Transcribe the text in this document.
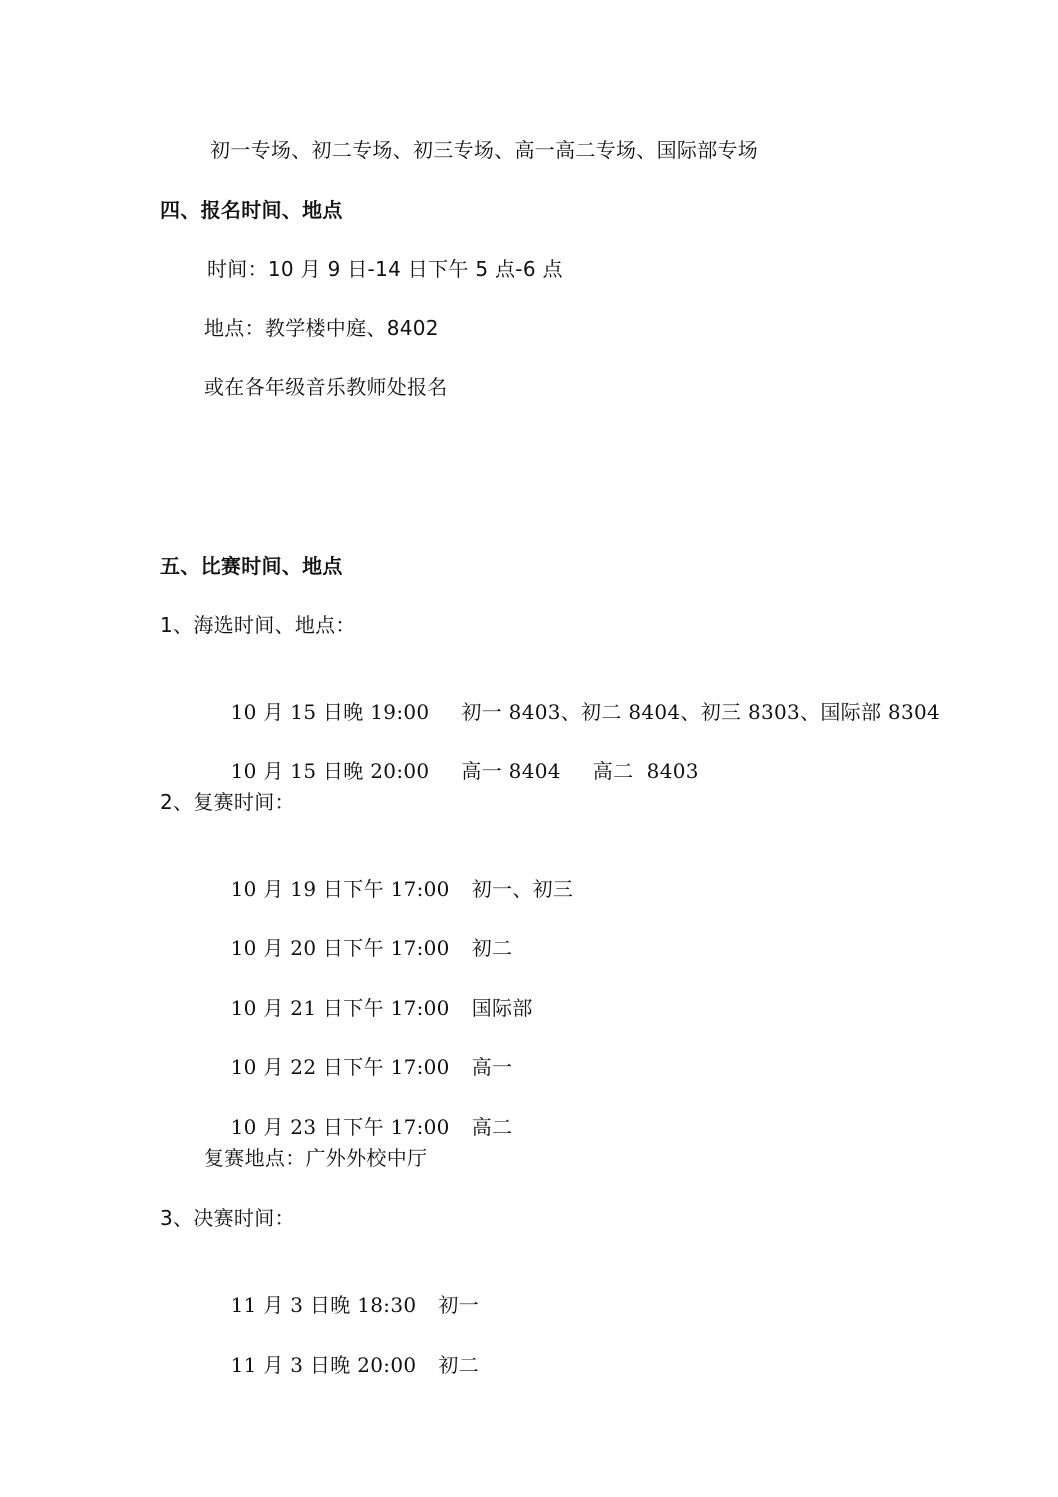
初一专场、初二专场、初三专场、高一高二专场、国际部专场
四、报名时间、地点
时间：10 月 9 日-14 日下午 5 点-6 点
地点：教学楼中庭、8402
或在各年级音乐教师处报名
五、比赛时间、地点
1、海选时间、地点：

10 月 15 日晚 19:00 初一 8403、初二 8404、初三 8303、国际部 8304

10 月 15 日晚 20:00 高一 8404 高二  8403

2、复赛时间：

10 月 19 日下午 17:00 初一、初三

10 月 20 日下午 17:00 初二

10 月 21 日下午 17:00 国际部

10 月 22 日下午 17:00 高一

10 月 23 日下午 17:00 高二

复赛地点：广外外校中厅
3、决赛时间：

11 月 3 日晚 18:30 初一

11 月 3 日晚 20:00 初二
